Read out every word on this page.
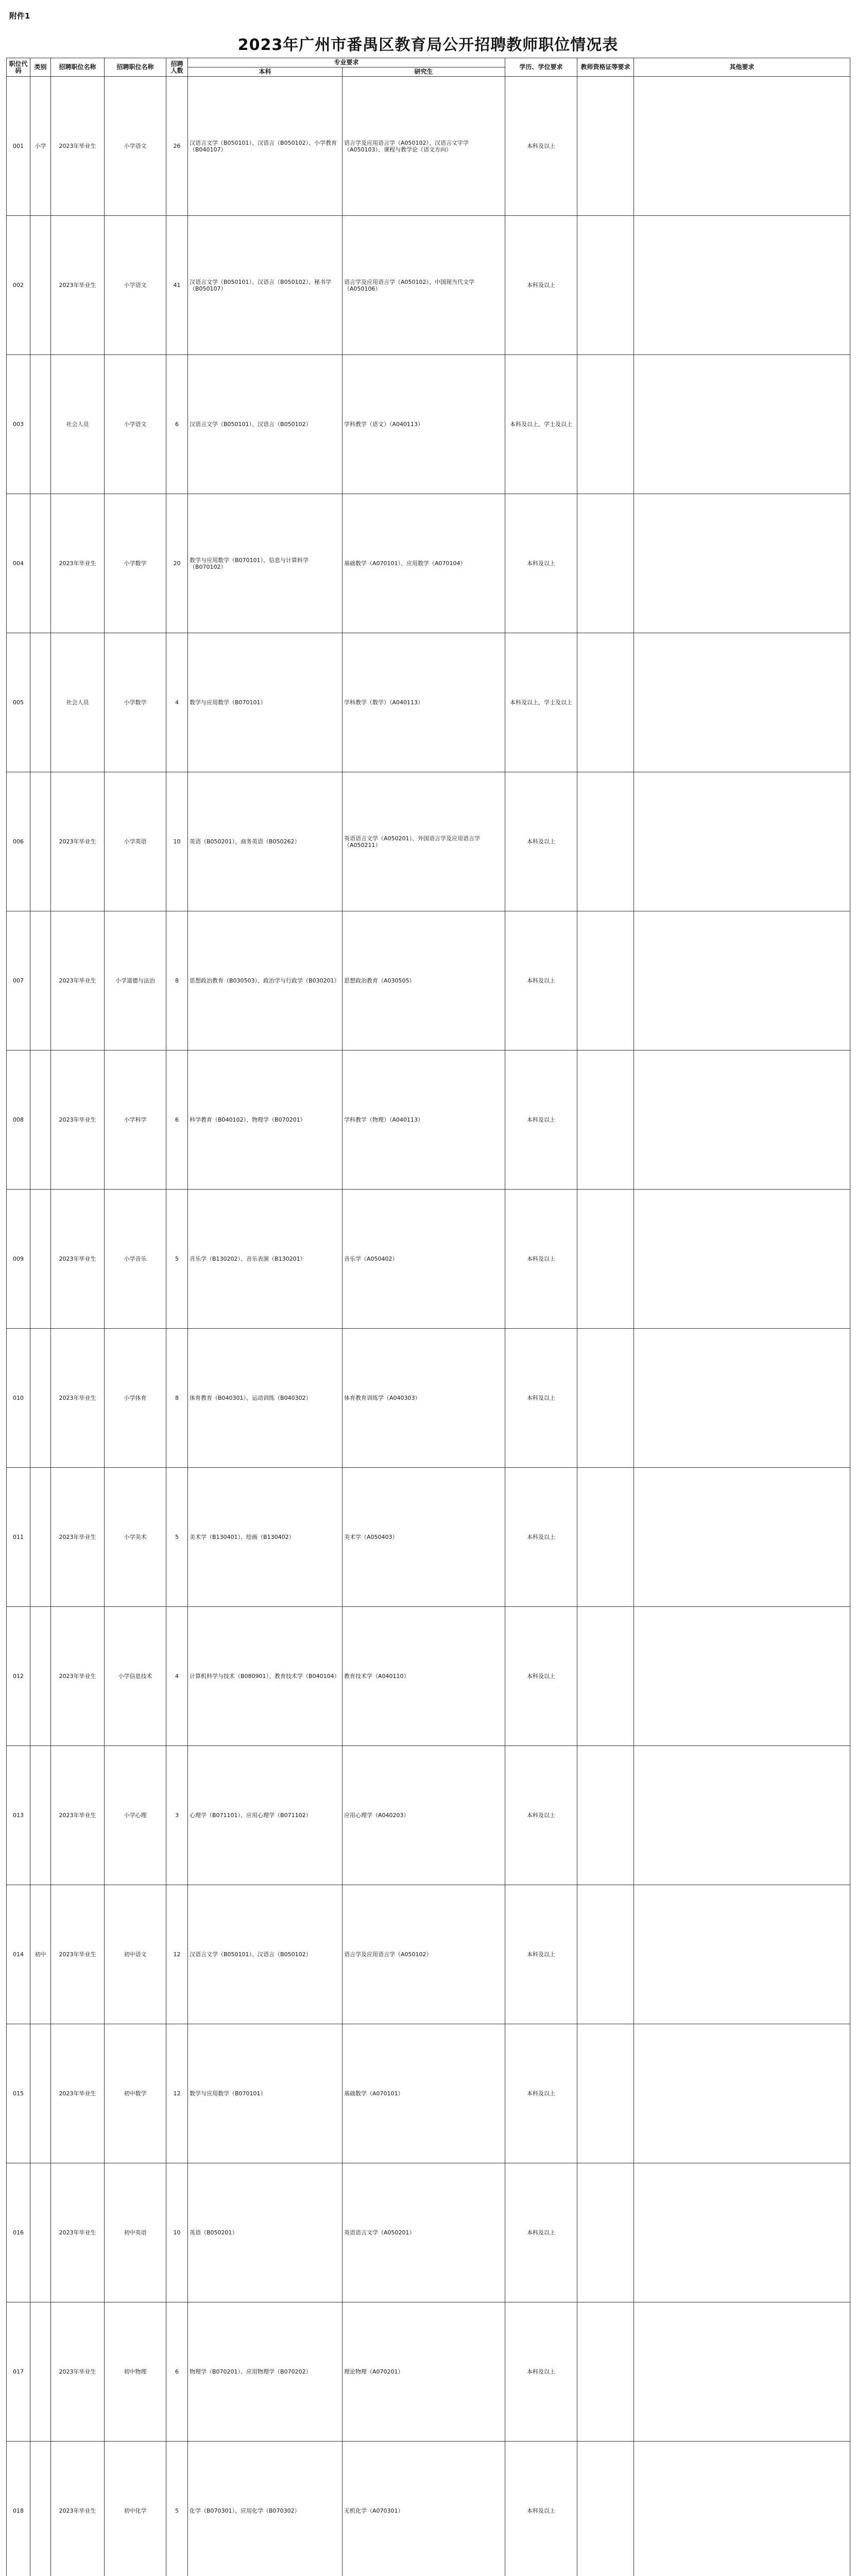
附件1
2023年广州市番禺区教育局公开招聘教师职位情况表
职位代码	类别	招聘职位名称	招聘职位名称	招聘人数	专业要求		学历、学位要求	教师资格证等要求	其他要求
					本科	研究生			
001	小学	2023年毕业生	小学语文	26	汉语言文学（B050101）、汉语言（B050102）、小学教育（B040107）	语言学及应用语言学（A050102）、汉语言文字学（A050103）、课程与教学论（语文方向）	本科及以上		
002		2023年毕业生	小学语文	41	汉语言文学（B050101）、汉语言（B050102）、秘书学（B050107）	语言学及应用语言学（A050102）、中国现当代文学（A050106）	本科及以上		
003		社会人员	小学语文	6	汉语言文学（B050101）、汉语言（B050102）	学科教学（语文）（A040113）	本科及以上，学士及以上		
004		2023年毕业生	小学数学	20	数学与应用数学（B070101）、信息与计算科学（B070102）	基础数学（A070101）、应用数学（A070104）	本科及以上		
005		社会人员	小学数学	4	数学与应用数学（B070101）	学科教学（数学）（A040113）	本科及以上，学士及以上		
006		2023年毕业生	小学英语	10	英语（B050201）、商务英语（B050262）	英语语言文学（A050201）、外国语言学及应用语言学（A050211）	本科及以上		
007		2023年毕业生	小学道德与法治	8	思想政治教育（B030503）、政治学与行政学（B030201）	思想政治教育（A030505）	本科及以上		
008		2023年毕业生	小学科学	6	科学教育（B040102）、物理学（B070201）	学科教学（物理）（A040113）	本科及以上		
009		2023年毕业生	小学音乐	5	音乐学（B130202）、音乐表演（B130201）	音乐学（A050402）	本科及以上		
010		2023年毕业生	小学体育	8	体育教育（B040301）、运动训练（B040302）	体育教育训练学（A040303）	本科及以上		
011		2023年毕业生	小学美术	5	美术学（B130401）、绘画（B130402）	美术学（A050403）	本科及以上		
012		2023年毕业生	小学信息技术	4	计算机科学与技术（B080901）、教育技术学（B040104）	教育技术学（A040110）	本科及以上		
013		2023年毕业生	小学心理	3	心理学（B071101）、应用心理学（B071102）	应用心理学（A040203）	本科及以上		
014	初中	2023年毕业生	初中语文	12	汉语言文学（B050101）、汉语言（B050102）	语言学及应用语言学（A050102）	本科及以上		
015		2023年毕业生	初中数学	12	数学与应用数学（B070101）	基础数学（A070101）	本科及以上		
016		2023年毕业生	初中英语	10	英语（B050201）	英语语言文学（A050201）	本科及以上		
017		2023年毕业生	初中物理	6	物理学（B070201）、应用物理学（B070202）	理论物理（A070201）	本科及以上		
018		2023年毕业生	初中化学	5	化学（B070301）、应用化学（B070302）	无机化学（A070301）	本科及以上		
